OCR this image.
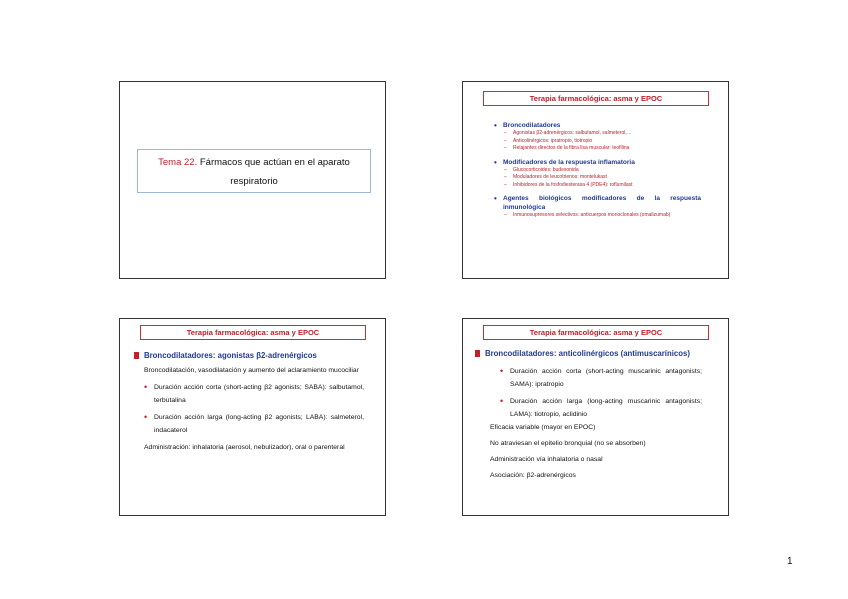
Tema 22. Fármacos que actúan en el aparato
respiratorio
Terapia farmacológica: asma y EPOC
• Broncodilatadores
– Agonistas β2-adrenérgicos: salbutamol, salmeterol,…
– Anticolinérgicos: ipratropio, tiotropio
– Relajantes directos de la fibra lisa muscular: teofilina
• Modificadores de la respuesta inflamatoria
– Glucocorticoides: budesonida
– Moduladores de leucotrienos: montelukast
– Inhibidores de la fosfodiesterasa 4 (PDE4): roflumilast
• Agentes biológicos modificadores de la respuesta inmunológica
– Inmunosupresores selectivos: anticuerpos monoclonales (omalizumab)
Terapia farmacológica: asma y EPOC
Broncodilatadores: agonistas β2-adrenérgicos
Broncodilatación, vasodilatación y aumento del aclaramiento mucociliar
• Duración acción corta (short-acting β2 agonists; SABA): salbutamol, terbutalina
• Duración acción larga (long-acting β2 agonists; LABA): salmeterol, indacaterol
Administración: inhalatoria (aerosol, nebulizador), oral o parenteral
Terapia farmacológica: asma y EPOC
Broncodilatadores: anticolinérgicos (antimuscarínicos)
• Duración acción corta (short-acting muscarinic antagonists; SAMA): ipratropio
• Duración acción larga (long-acting muscarinic antagonists; LAMA): tiotropio, aclidinio
Eficacia variable (mayor en EPOC)
No atraviesan el epitelio bronquial (no se absorben)
Administración vía inhalatoria o nasal
Asociación: β2-adrenérgicos
1
